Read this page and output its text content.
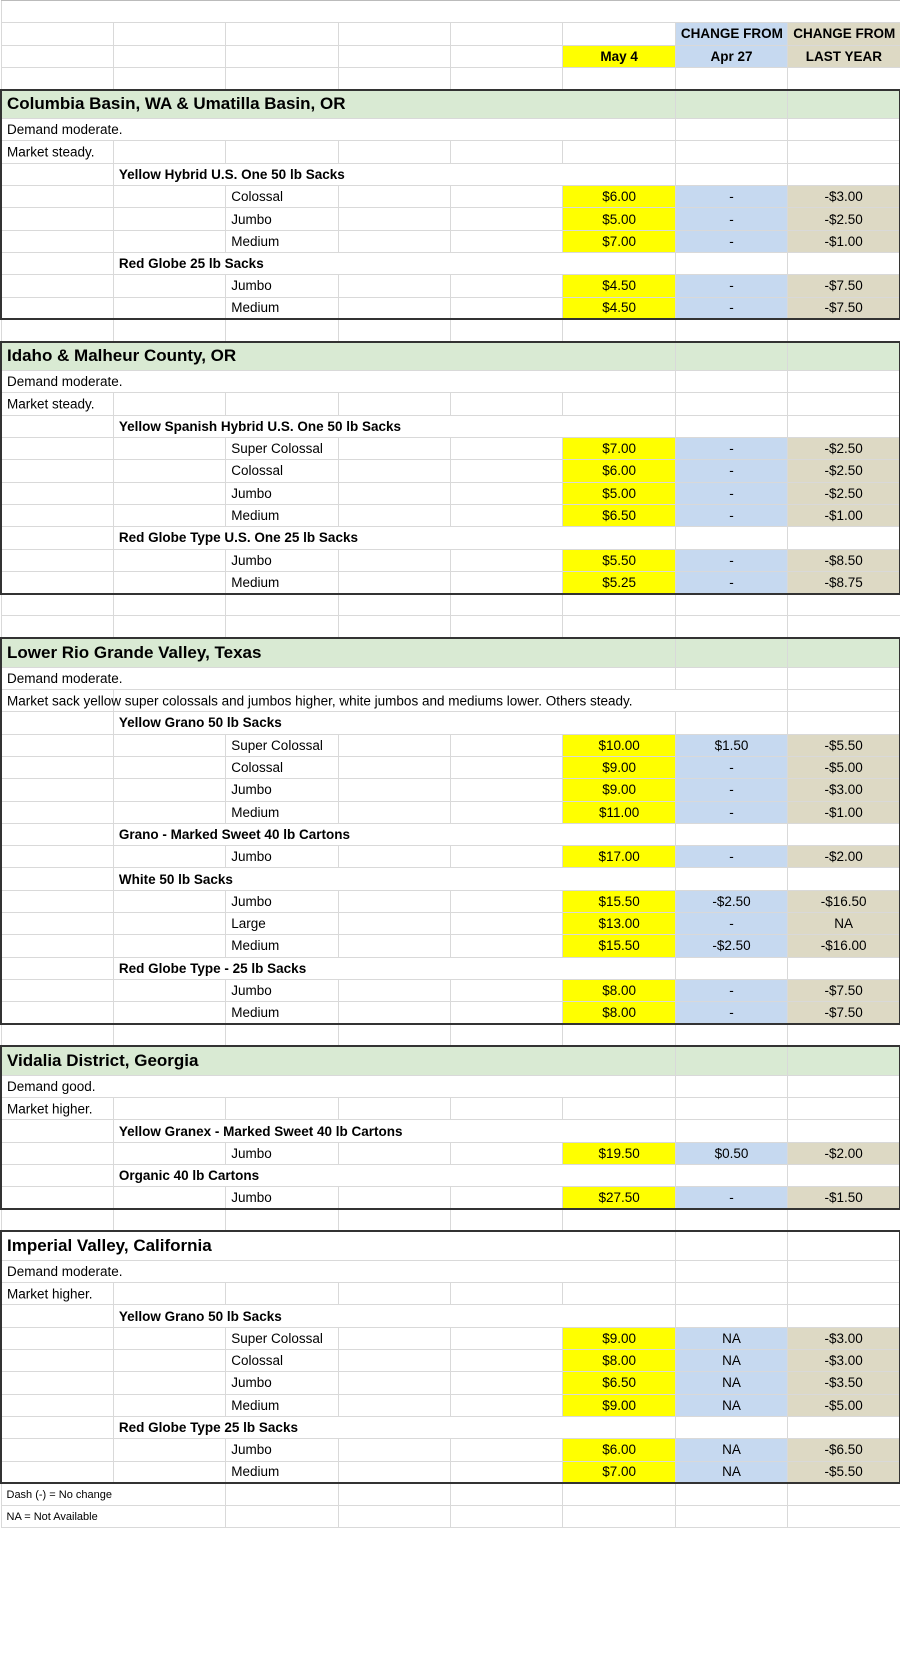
						CHANGE FROM	CHANGE FROM
					May 4	Apr 27	LAST YEAR

Columbia Basin, WA & Umatilla Basin, OR							
Demand moderate.							

Market steady.							

	Yellow Hybrid U.S. One 50 lb Sacks						
		Colossal			$6.00	-	-$3.00
		Jumbo			$5.00	-	-$2.50
		Medium			$7.00	-	-$1.00
	Red Globe 25 lb Sacks						
		Jumbo			$4.50	-	-$7.50
		Medium			$4.50	-	-$7.50

Idaho & Malheur County, OR							
Demand moderate.							

Market steady.							

	Yellow Spanish Hybrid U.S. One 50 lb Sacks						
		Super Colossal			$7.00	-	-$2.50
		Colossal			$6.00	-	-$2.50
		Jumbo			$5.00	-	-$2.50
		Medium			$6.50	-	-$1.00
	Red Globe Type U.S. One 25 lb Sacks						
		Jumbo			$5.50	-	-$8.50
		Medium			$5.25	-	-$8.75

Lower Rio Grande Valley, Texas							
Demand moderate.							

Market sack yellow super colossals and jumbos higher, white jumbos and mediums lower. Others steady.							

	Yellow Grano 50 lb Sacks						
		Super Colossal			$10.00	$1.50	-$5.50
		Colossal			$9.00	-	-$5.00
		Jumbo			$9.00	-	-$3.00
		Medium			$11.00	-	-$1.00
	Grano - Marked Sweet 40 lb Cartons						
		Jumbo			$17.00	-	-$2.00
	White 50 lb Sacks						
		Jumbo			$15.50	-$2.50	-$16.50
		Large			$13.00	-	NA
		Medium			$15.50	-$2.50	-$16.00
	Red Globe Type - 25 lb Sacks						
		Jumbo			$8.00	-	-$7.50
		Medium			$8.00	-	-$7.50

Vidalia District, Georgia							
Demand good.							

Market higher.							

	Yellow Granex - Marked Sweet 40 lb Cartons						
		Jumbo			$19.50	$0.50	-$2.00
	Organic 40 lb Cartons						
		Jumbo			$27.50	-	-$1.50

Imperial Valley, California							
Demand moderate.							

Market higher.							

	Yellow Grano 50 lb Sacks						
		Super Colossal			$9.00	NA	-$3.00
		Colossal			$8.00	NA	-$3.00
		Jumbo			$6.50	NA	-$3.50
		Medium			$9.00	NA	-$5.00
	Red Globe Type 25 lb Sacks						
		Jumbo			$6.00	NA	-$6.50
		Medium			$7.00	NA	-$5.50
Dash (-) = No change							
NA = Not Available							
